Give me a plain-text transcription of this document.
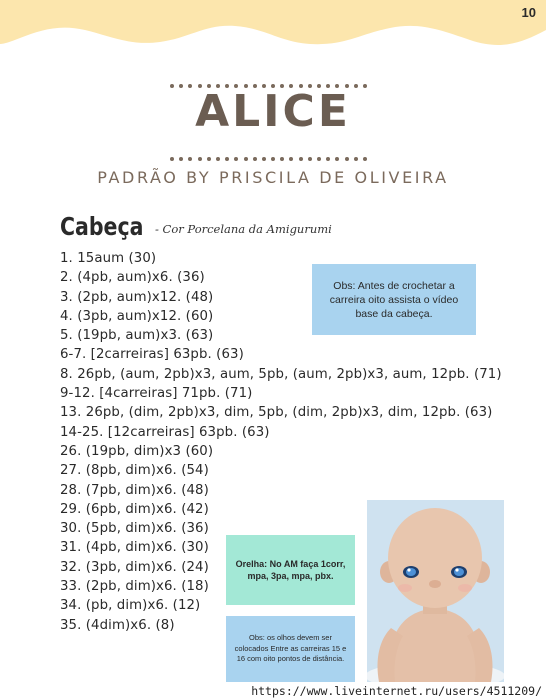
10
ALICE
PADRÃO BY PRISCILA DE OLIVEIRA
Cabeça - Cor Porcelana da Amigurumi
1. 15aum (30)
2. (4pb, aum)x6. (36)
3. (2pb, aum)x12. (48)
4. (3pb, aum)x12. (60)
5. (19pb, aum)x3. (63)
6-7. [2carreiras] 63pb. (63)
8. 26pb, (aum, 2pb)x3, aum, 5pb, (aum, 2pb)x3, aum, 12pb. (71)
9-12. [4carreiras] 71pb. (71)
13. 26pb, (dim, 2pb)x3, dim, 5pb, (dim, 2pb)x3, dim, 12pb. (63)
14-25. [12carreiras] 63pb. (63)
26. (19pb, dim)x3 (60)
27. (8pb, dim)x6. (54)
28. (7pb, dim)x6. (48)
29. (6pb, dim)x6. (42)
30. (5pb, dim)x6. (36)
31. (4pb, dim)x6. (30)
32. (3pb, dim)x6. (24)
33. (2pb, dim)x6. (18)
34. (pb, dim)x6. (12)
35. (4dim)x6. (8)
Obs: Antes de crochetar a carreira oito assista o vídeo base da cabeça.
Orelha: No AM faça 1corr, mpa, 3pa, mpa, pbx.
Obs: os olhos devem ser colocados Entre as carreiras 15 e 16 com oito pontos de distância.
https://www.liveinternet.ru/users/4511209/
